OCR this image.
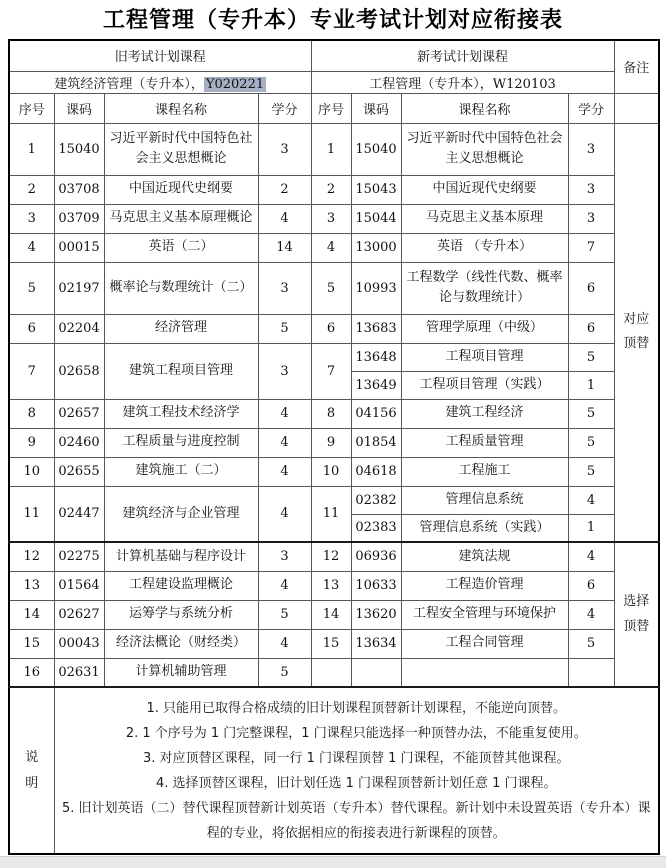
工程管理（专升本）专业考试计划对应衔接表
旧考试计划课程				新考试计划课程				备注
建筑经济管理（专升本）， Y020221				工程管理（专升本），W120103				
序号	课码	课程名称	学分	序号	课码	课程名称	学分	
1	15040	习近平新时代中国特色社会主义思想概论	3	1	15040	习近平新时代中国特色社会主义思想概论	3	对应顶替
2	03708	中国近现代史纲要	2	2	15043	中国近现代史纲要	3	
3	03709	马克思主义基本原理概论	4	3	15044	马克思主义基本原理	3	
4	00015	英语（二）	14	4	13000	英语 （专升本）	7	
5	02197	概率论与数理统计（二）	3	5	10993	工程数学（线性代数、概率论与数理统计）	6	
6	02204	经济管理	5	6	13683	管理学原理（中级）	6	
7	02658	建筑工程项目管理	3	7	13648	工程项目管理	5	
					13649	工程项目管理（实践）	1	
8	02657	建筑工程技术经济学	4	8	04156	建筑工程经济	5	
9	02460	工程质量与进度控制	4	9	01854	工程质量管理	5	
10	02655	建筑施工（二）	4	10	04618	工程施工	5	
11	02447	建筑经济与企业管理	4	11	02382	管理信息系统	4	
					02383	管理信息系统（实践）	1	
12	02275	计算机基础与程序设计	3	12	06936	建筑法规	4	选择顶替
13	01564	工程建设监理概论	4	13	10633	工程造价管理	6	
14	02627	运筹学与系统分析	5	14	13620	工程安全管理与环境保护	4	
15	00043	经济法概论（财经类）	4	15	13634	工程合同管理	5	
16	02631	计算机辅助管理	5					
说明	1. 只能用已取得合格成绩的旧计划课程顶替新计划课程，不能逆向顶替。

2. 1 个序号为 1 门完整课程，1 门课程只能选择一种顶替办法，不能重复使用。

3. 对应顶替区课程，同一行 1 门课程顶替 1 门课程，不能顶替其他课程。

4. 选择顶替区课程，旧计划任选 1 门课程顶替新计划任意 1 门课程。

5. 旧计划英语（二）替代课程顶替新计划英语（专升本）替代课程。新计划中未设置英语（专升本）课程的专业，将依据相应的衔接表进行新课程的顶替。							
